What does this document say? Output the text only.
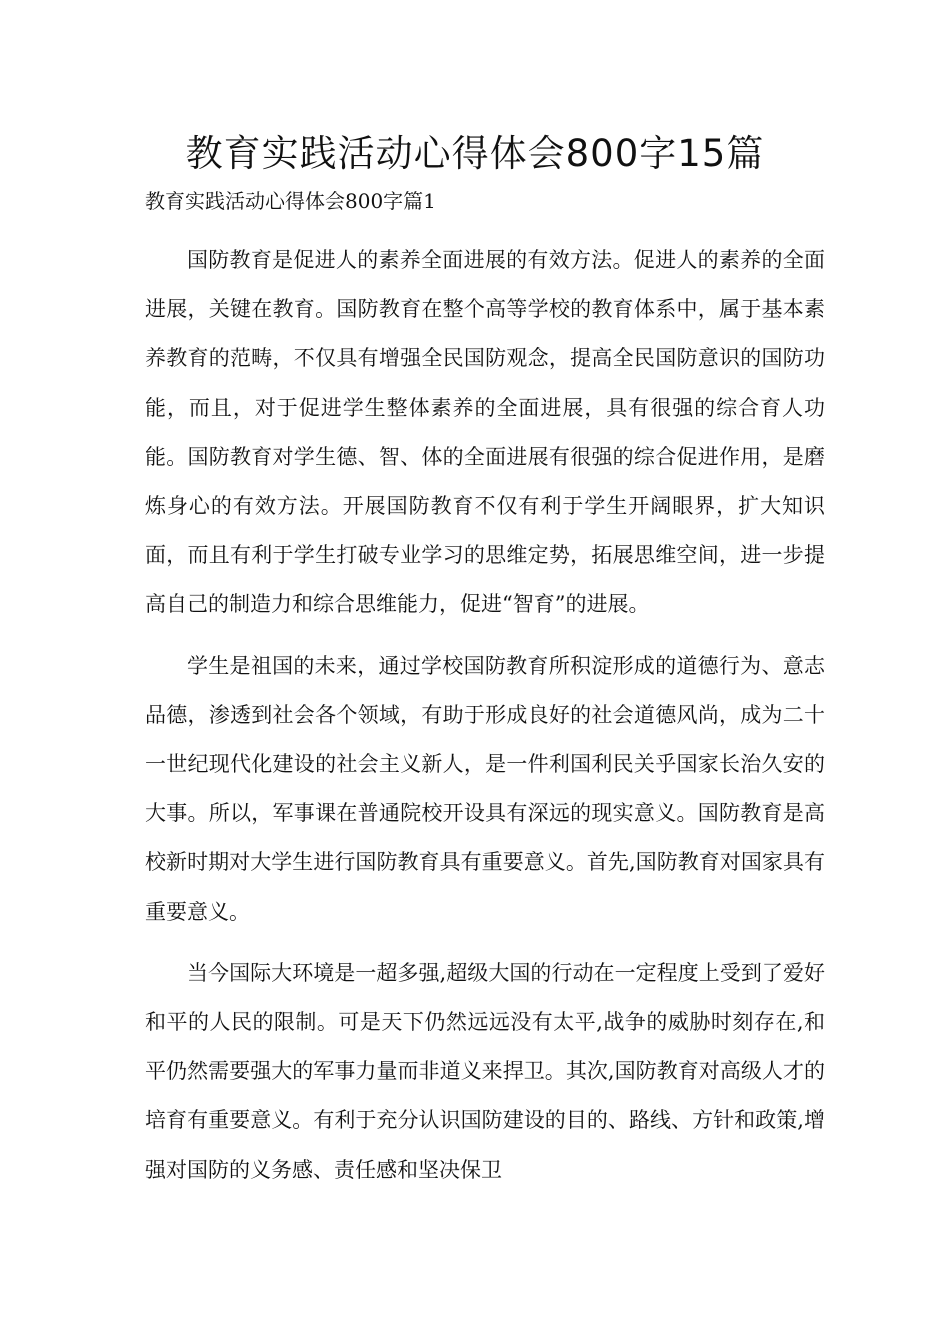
教育实践活动心得体会800字15篇
教育实践活动心得体会800字篇1

国防教育是促进人的素养全面进展的有效方法。促进人的素养的全面进展，关键在教育。国防教育在整个高等学校的教育体系中，属于基本素养教育的范畴，不仅具有增强全民国防观念，提高全民国防意识的国防功能，而且，对于促进学生整体素养的全面进展，具有很强的综合育人功能。国防教育对学生德、智、体的全面进展有很强的综合促进作用，是磨炼身心的有效方法。开展国防教育不仅有利于学生开阔眼界，扩大知识面，而且有利于学生打破专业学习的思维定势，拓展思维空间，进一步提高自己的制造力和综合思维能力，促进“智育”的进展。

学生是祖国的未来，通过学校国防教育所积淀形成的道德行为、意志品德，渗透到社会各个领域，有助于形成良好的社会道德风尚，成为二十一世纪现代化建设的社会主义新人，是一件利国利民关乎国家长治久安的大事。所以，军事课在普通院校开设具有深远的现实意义。国防教育是高校新时期对大学生进行国防教育具有重要意义。首先,国防教育对国家具有重要意义。

当今国际大环境是一超多强,超级大国的行动在一定程度上受到了爱好和平的人民的限制。可是天下仍然远远没有太平,战争的威胁时刻存在,和平仍然需要强大的军事力量而非道义来捍卫。其次,国防教育对高级人才的培育有重要意义。有利于充分认识国防建设的目的、路线、方针和政策,增强对国防的义务感、责任感和坚决保卫
